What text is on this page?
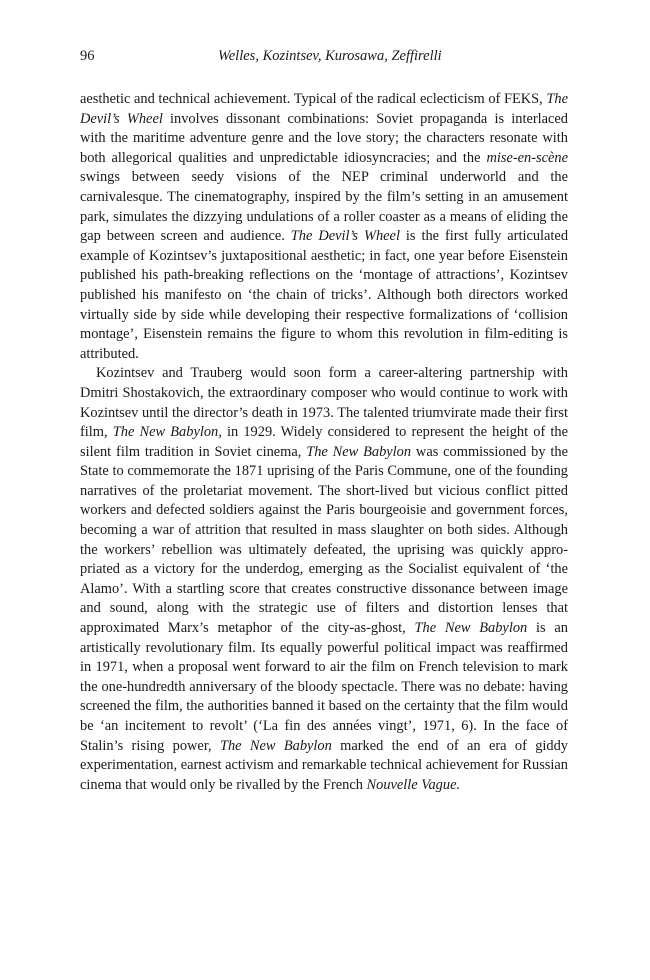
96	Welles, Kozintsev, Kurosawa, Zeffirelli

aesthetic and technical achievement. Typical of the radical eclecticism of FEKS, The Devil’s Wheel involves dissonant combinations: Soviet propaganda is interlaced with the maritime adventure genre and the love story; the characters resonate with both allegorical qualities and unpredictable idiosyncracies; and the mise-en-scène swings between seedy visions of the NEP criminal underworld and the carnivalesque. The cinematography, inspired by the film’s setting in an amusement park, simulates the dizzying undulations of a roller coaster as a means of eliding the gap between screen and audience. The Devil’s Wheel is the first fully articulated example of Kozintsev’s juxtapositional aesthetic; in fact, one year before Eisenstein published his path-breaking reflections on the ‘montage of attractions’, Kozintsev published his manifesto on ‘the chain of tricks’. Although both directors worked virtually side by side while developing their respective formalizations of ‘collision montage’, Eisenstein remains the figure to whom this revolution in film-editing is attributed.

Kozintsev and Trauberg would soon form a career-altering partnership with Dmitri Shostakovich, the extraordinary composer who would continue to work with Kozintsev until the director’s death in 1973. The talented triumvirate made their first film, The New Babylon, in 1929. Widely considered to represent the height of the silent film tradition in Soviet cinema, The New Babylon was commissioned by the State to commemorate the 1871 uprising of the Paris Commune, one of the founding narratives of the proletariat movement. The short-lived but vicious conflict pitted workers and defected soldiers against the Paris bourgeoisie and government forces, becoming a war of attrition that resulted in mass slaughter on both sides. Although the workers’ rebellion was ultimately defeated, the uprising was quickly appropriated as a victory for the underdog, emerging as the Socialist equivalent of ‘the Alamo’. With a startling score that creates constructive dissonance between image and sound, along with the strategic use of filters and distortion lenses that approximated Marx’s metaphor of the city-as-ghost, The New Babylon is an artistically revolutionary film. Its equally powerful political impact was reaffirmed in 1971, when a proposal went forward to air the film on French television to mark the one-hundredth anniversary of the bloody spectacle. There was no debate: having screened the film, the authorities banned it based on the certainty that the film would be ‘an incitement to revolt’ (‘La fin des années vingt’, 1971, 6). In the face of Stalin’s rising power, The New Babylon marked the end of an era of giddy experimentation, earnest activism and remarkable technical achievement for Russian cinema that would only be rivalled by the French Nouvelle Vague.
